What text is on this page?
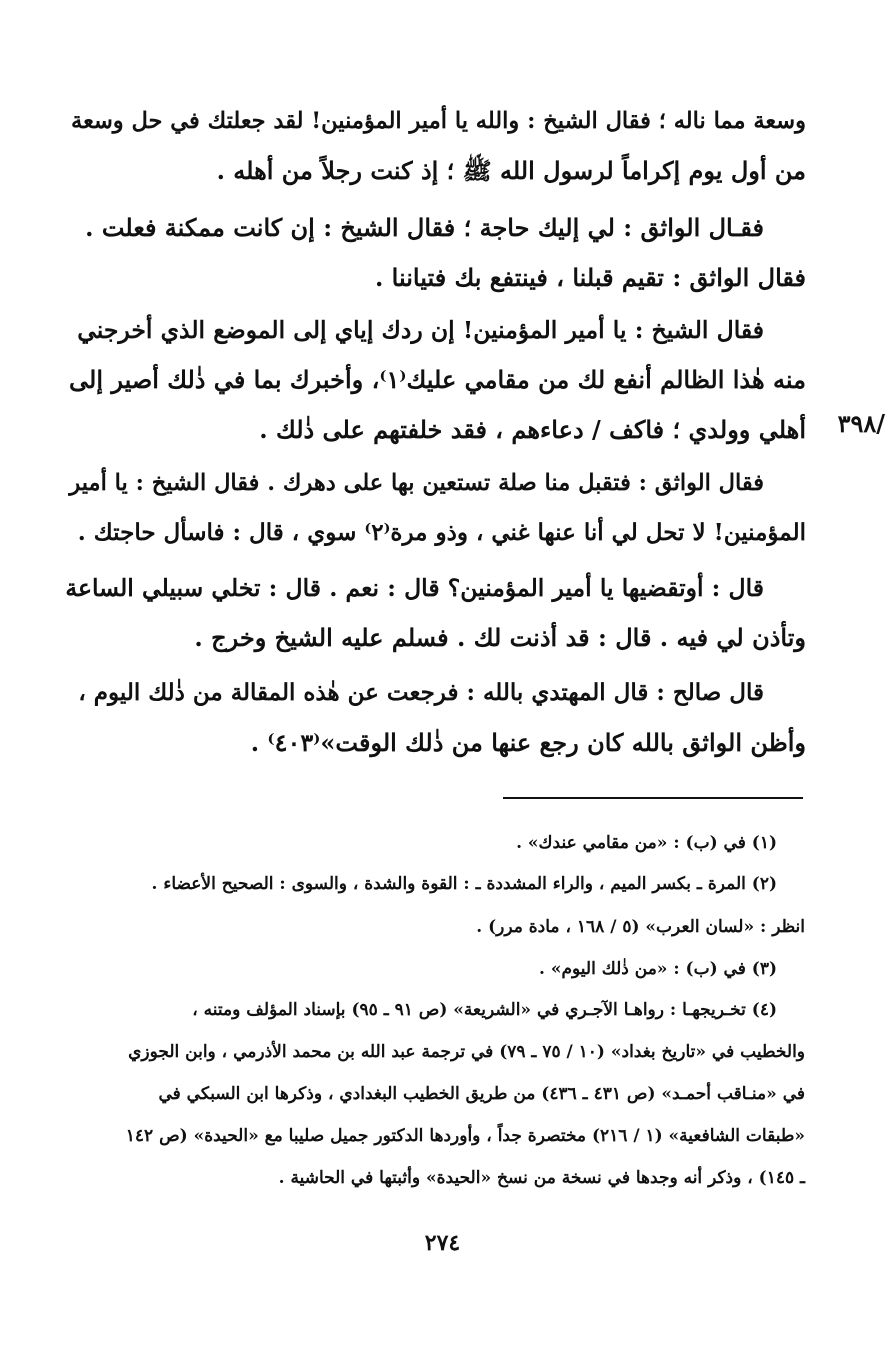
وسعة مما ناله ؛ فقال الشيخ : والله يا أمير المؤمنين! لقد جعلتك في حل وسعة
من أول يوم إكراماً لرسول الله ﷺ ؛ إذ كنت رجلاً من أهله .
فقـال الواثق : لي إليك حاجة ؛ فقال الشيخ : إن كانت ممكنة فعلت .
فقال الواثق : تقيم قبلنا ، فينتفع بك فتياننا .
فقال الشيخ : يا أمير المؤمنين! إن ردك إياي إلى الموضع الذي أخرجني
منه هٰذا الظالم أنفع لك من مقامي عليك⁽١⁾، وأخبرك بما في ذٰلك أصير إلى
أهلي وولدي ؛ فاكف / دعاءهم ، فقد خلفتهم على ذٰلك .	/٣٩٨
فقال الواثق : فتقبل منا صلة تستعين بها على دهرك . فقال الشيخ : يا أمير
المؤمنين! لا تحل لي أنا عنها غني ، وذو مرة⁽٢⁾ سوي ، قال : فاسأل حاجتك .
قال : أوتقضيها يا أمير المؤمنين؟ قال : نعم . قال : تخلي سبيلي الساعة
وتأذن لي فيه . قال : قد أذنت لك . فسلم عليه الشيخ وخرج .
قال صالح : قال المهتدي بالله : فرجعت عن هٰذه المقالة من ذٰلك اليوم ،
وأظن الواثق بالله كان رجع عنها من ذٰلك الوقت»⁽٤٠٣⁾ .
(١) في (ب) : «من مقامي عندك» .
(٢) المرة ـ بكسر الميم ، والراء المشددة ـ : القوة والشدة ، والسوى : الصحيح الأعضاء .
انظر : «لسان العرب» (٥ / ١٦٨ ، مادة مرر) .
(٣) في (ب) : «من ذٰلك اليوم» .
(٤) تخـريجهـا : رواهـا الآجـري في «الشريعة» (ص ٩١ ـ ٩٥) بإسناد المؤلف ومتنه ،
والخطيب في «تاريخ بغداد» (١٠ / ٧٥ ـ ٧٩) في ترجمة عبد الله بن محمد الأذرمي ، وابن الجوزي
في «منـاقب أحمـد» (ص ٤٣١ ـ ٤٣٦) من طريق الخطيب البغدادي ، وذكرها ابن السبكي في
«طبقات الشافعية» (١ / ٢١٦) مختصرة جداً ، وأوردها الدكتور جميل صليبا مع «الحيدة» (ص ١٤٢
ـ ١٤٥) ، وذكر أنه وجدها في نسخة من نسخ «الحيدة» وأثبتها في الحاشية .
٢٧٤
